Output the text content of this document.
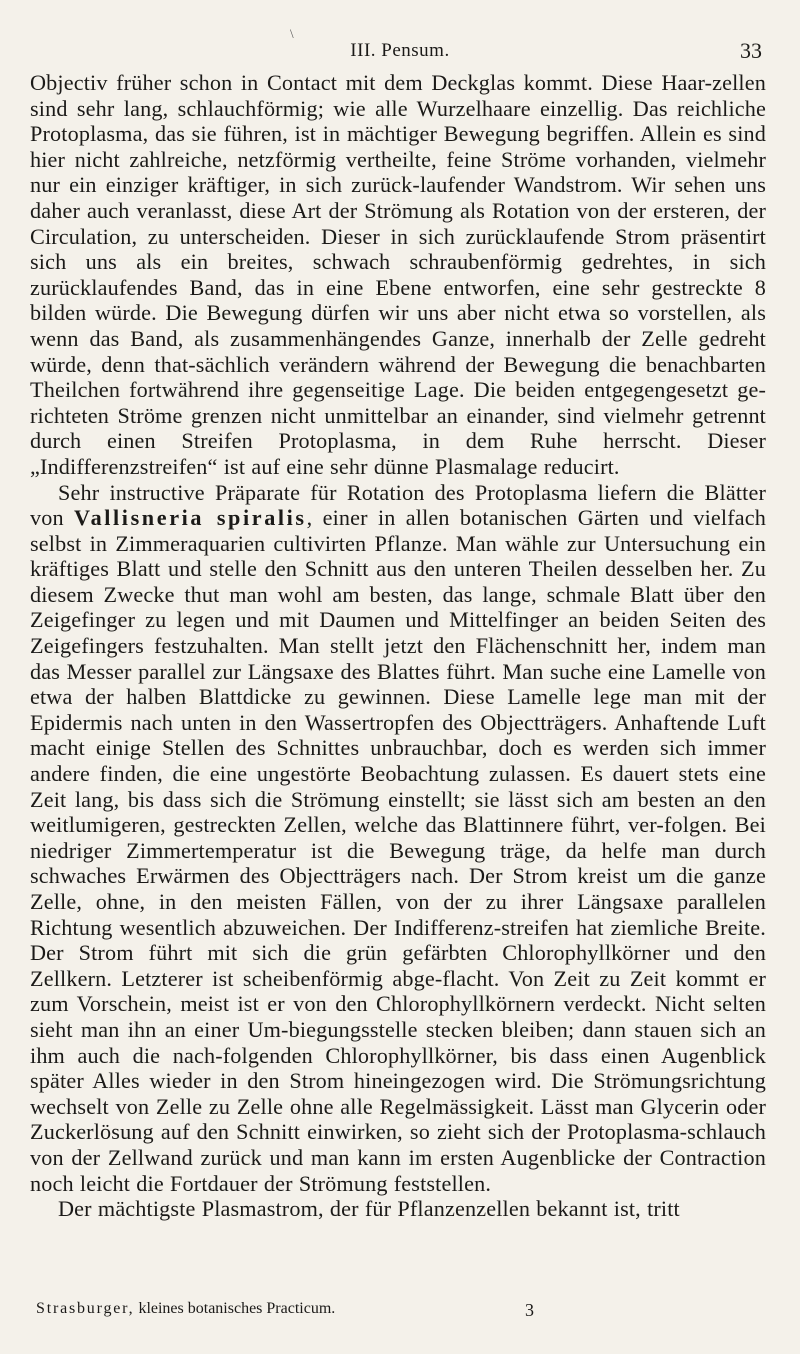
\
III. Pensum.	33

Objectiv früher schon in Contact mit dem Deckglas kommt. Diese Haar-zellen sind sehr lang, schlauchförmig; wie alle Wurzelhaare einzellig. Das reichliche Protoplasma, das sie führen, ist in mächtiger Bewegung begriffen. Allein es sind hier nicht zahlreiche, netzförmig vertheilte, feine Ströme vorhanden, vielmehr nur ein einziger kräftiger, in sich zurück-laufender Wandstrom. Wir sehen uns daher auch veranlasst, diese Art der Strömung als Rotation von der ersteren, der Circulation, zu unterscheiden. Dieser in sich zurücklaufende Strom präsentirt sich uns als ein breites, schwach schraubenförmig gedrehtes, in sich zurücklaufendes Band, das in eine Ebene entworfen, eine sehr gestreckte 8 bilden würde. Die Bewegung dürfen wir uns aber nicht etwa so vorstellen, als wenn das Band, als zusammenhängendes Ganze, innerhalb der Zelle gedreht würde, denn that-sächlich verändern während der Bewegung die benachbarten Theilchen fortwährend ihre gegenseitige Lage. Die beiden entgegengesetzt ge-richteten Ströme grenzen nicht unmittelbar an einander, sind vielmehr getrennt durch einen Streifen Protoplasma, in dem Ruhe herrscht. Dieser „Indifferenzstreifen“ ist auf eine sehr dünne Plasmalage reducirt.

Sehr instructive Präparate für Rotation des Protoplasma liefern die Blätter von Vallisneria spiralis, einer in allen botanischen Gärten und vielfach selbst in Zimmeraquarien cultivirten Pflanze. Man wähle zur Untersuchung ein kräftiges Blatt und stelle den Schnitt aus den unteren Theilen desselben her. Zu diesem Zwecke thut man wohl am besten, das lange, schmale Blatt über den Zeigefinger zu legen und mit Daumen und Mittelfinger an beiden Seiten des Zeigefingers festzuhalten. Man stellt jetzt den Flächenschnitt her, indem man das Messer parallel zur Längsaxe des Blattes führt. Man suche eine Lamelle von etwa der halben Blattdicke zu gewinnen. Diese Lamelle lege man mit der Epidermis nach unten in den Wassertropfen des Objectträgers. Anhaftende Luft macht einige Stellen des Schnittes unbrauchbar, doch es werden sich immer andere finden, die eine ungestörte Beobachtung zulassen. Es dauert stets eine Zeit lang, bis dass sich die Strömung einstellt; sie lässt sich am besten an den weitlumigeren, gestreckten Zellen, welche das Blattinnere führt, ver-folgen. Bei niedriger Zimmertemperatur ist die Bewegung träge, da helfe man durch schwaches Erwärmen des Objectträgers nach. Der Strom kreist um die ganze Zelle, ohne, in den meisten Fällen, von der zu ihrer Längsaxe parallelen Richtung wesentlich abzuweichen. Der Indifferenz-streifen hat ziemliche Breite. Der Strom führt mit sich die grün gefärbten Chlorophyllkörner und den Zellkern. Letzterer ist scheibenförmig abge-flacht. Von Zeit zu Zeit kommt er zum Vorschein, meist ist er von den Chlorophyllkörnern verdeckt. Nicht selten sieht man ihn an einer Um-biegungsstelle stecken bleiben; dann stauen sich an ihm auch die nach-folgenden Chlorophyllkörner, bis dass einen Augenblick später Alles wieder in den Strom hineingezogen wird. Die Strömungsrichtung wechselt von Zelle zu Zelle ohne alle Regelmässigkeit. Lässt man Glycerin oder Zuckerlösung auf den Schnitt einwirken, so zieht sich der Protoplasma-schlauch von der Zellwand zurück und man kann im ersten Augenblicke der Contraction noch leicht die Fortdauer der Strömung feststellen.

Der mächtigste Plasmastrom, der für Pflanzenzellen bekannt ist, tritt

Strasburger, kleines botanisches Practicum.	3
